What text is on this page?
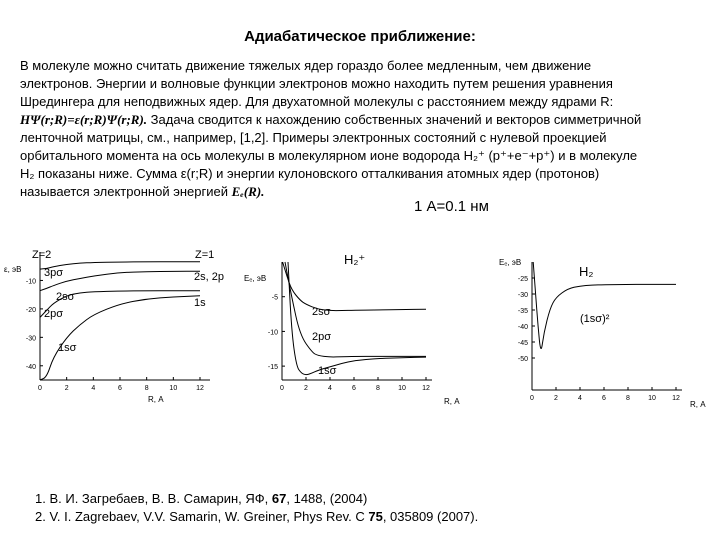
Адиабатическое приближение:
В молекуле можно считать движение тяжелых ядер гораздо более медленным, чем движение
электронов. Энергии и волновые функции электронов можно находить путем решения уравнения
Шредингера для неподвижных ядер. Для двухатомной молекулы с расстоянием между ядрами R:
HΨ(r;R)=ε(r;R)Ψ(r;R). Задача сводится к нахождению собственных значений и векторов симметричной
ленточной матрицы, см., например, [1,2]. Примеры электронных состояний с нулевой проекцией
орбитального момента на ось молекулы в молекулярном ионе водорода H₂⁺ (p⁺+e⁻+p⁺) и в молекуле
H₂ показаны ниже. Сумма ε(r;R) и энергии кулоновского отталкивания атомных ядер (протонов)
называется электронной энергией Eₑ(R).
1 А=0.1 нм
ε, эВ
R, А
Z=2	Z=1
3pσ	2s, 2p
2sσ	1s
2pσ
1sσ
0	2	4	6	8	10	12
-10
-20
-30
-40
Eₑ, эВ
R, А
H₂⁺
2sσ
2pσ
1sσ
0	2	4	6	8	10 12
-5
-10
-15
Eₑ, эВ
R, А
H₂
(1sσ)²
0	2	4	6	8	10 12
-25
-30
-35
-40
-45
-50
1. В. И. Загребаев, В. В. Самарин, ЯФ, 67, 1488, (2004)
2. V. I. Zagrebaev, V.V. Samarin, W. Greiner, Phys Rev. C 75, 035809 (2007).
